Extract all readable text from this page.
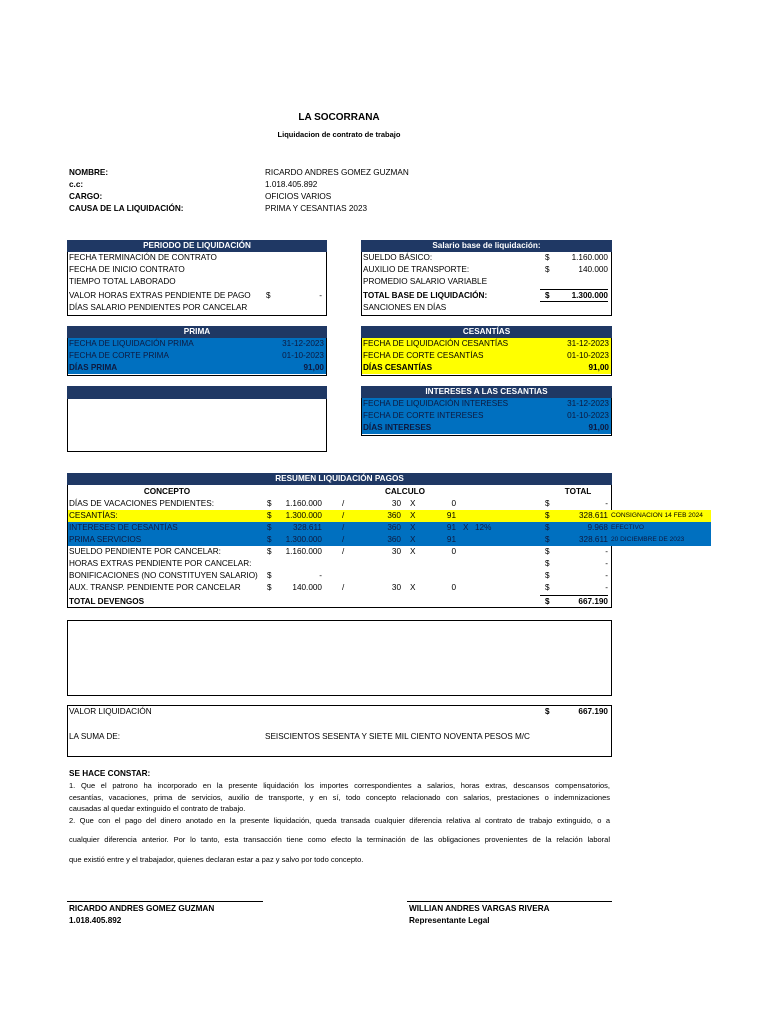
LA SOCORRANA
Liquidacion de contrato de trabajo
NOMBRE:	RICARDO ANDRES GOMEZ GUZMAN
c.c:	1.018.405.892
CARGO:	OFICIOS VARIOS
CAUSA DE LA LIQUIDACIÓN:	PRIMA Y CESANTIAS 2023
PERIODO DE LIQUIDACIÓN
FECHA TERMINACIÓN DE CONTRATO
FECHA DE INICIO CONTRATO
TIEMPO TOTAL LABORADO
VALOR HORAS EXTRAS PENDIENTE DE PAGO $	-
DÍAS SALARIO PENDIENTES POR CANCELAR
Salario base de liquidación:
SUELDO BÁSICO:	$	1.160.000
AUXILIO DE TRANSPORTE:	$	140.000
PROMEDIO SALARIO VARIABLE
TOTAL BASE DE LIQUIDACIÓN:	$	1.300.000
SANCIONES EN DÍAS
PRIMA
FECHA DE LIQUIDACIÓN PRIMA	31-12-2023
FECHA DE CORTE PRIMA	01-10-2023
DÍAS PRIMA	91,00
CESANTÍAS
FECHA DE LIQUIDACIÓN CESANTÍAS	31-12-2023
FECHA DE CORTE CESANTÍAS	01-10-2023
DÍAS CESANTÍAS	91,00
INTERESES A LAS CESANTIAS
FECHA DE LIQUIDACIÓN INTERESES	31-12-2023
FECHA DE CORTE INTERESES	01-10-2023
DÍAS INTERESES	91,00
RESUMEN LIQUIDACIÓN PAGOS
CONCEPTO	CALCULO	TOTAL
DÍAS DE VACACIONES PENDIENTES:	$	1.160.000 /	30 X	0	$	-
CESANTÍAS:	$	1.300.000 /	360 X	91	$	328.611 CONSIGNACION 14 FEB 2024
INTERESES DE CESANTÍAS	$	328.611 /	360 X	91 X 12%	$	9.968 EFECTIVO
PRIMA SERVICIOS	$	1.300.000 /	360 X	91	$	328.611 20 DICIEMBRE DE 2023
SUELDO PENDIENTE POR CANCELAR:	$	1.160.000 /	30 X	0	$	-
HORAS EXTRAS PENDIENTE POR CANCELAR:	$	-
BONIFICACIONES (NO CONSTITUYEN SALARIO) $	-	$	-
AUX. TRANSP. PENDIENTE POR CANCELAR	$	140.000 /	30 X	0	$	-
TOTAL DEVENGOS	$	667.190
VALOR LIQUIDACIÓN	$	667.190
LA SUMA DE:	SEISCIENTOS SESENTA Y SIETE MIL CIENTO NOVENTA PESOS M/C
SE HACE CONSTAR:
1. Que el patrono ha incorporado en la presente liquidación los importes correspondientes a salarios, horas extras, descansos compensatorios,
cesantías, vacaciones, prima de servicios, auxilio de transporte, y en sí, todo concepto relacionado con salarios, prestaciones o indemnizaciones
causadas al quedar extinguido el contrato de trabajo.
2. Que con el pago del dinero anotado en la presente liquidación, queda transada cualquier diferencia relativa al contrato de trabajo extinguido, o a
cualquier diferencia anterior. Por lo tanto, esta transacción tiene como efecto la terminación de las obligaciones provenientes de la relación laboral
que existió entre y el trabajador, quienes declaran estar a paz y salvo por todo concepto.
RICARDO ANDRES GOMEZ GUZMAN
1.018.405.892
WILLIAN ANDRES VARGAS RIVERA
Representante Legal
